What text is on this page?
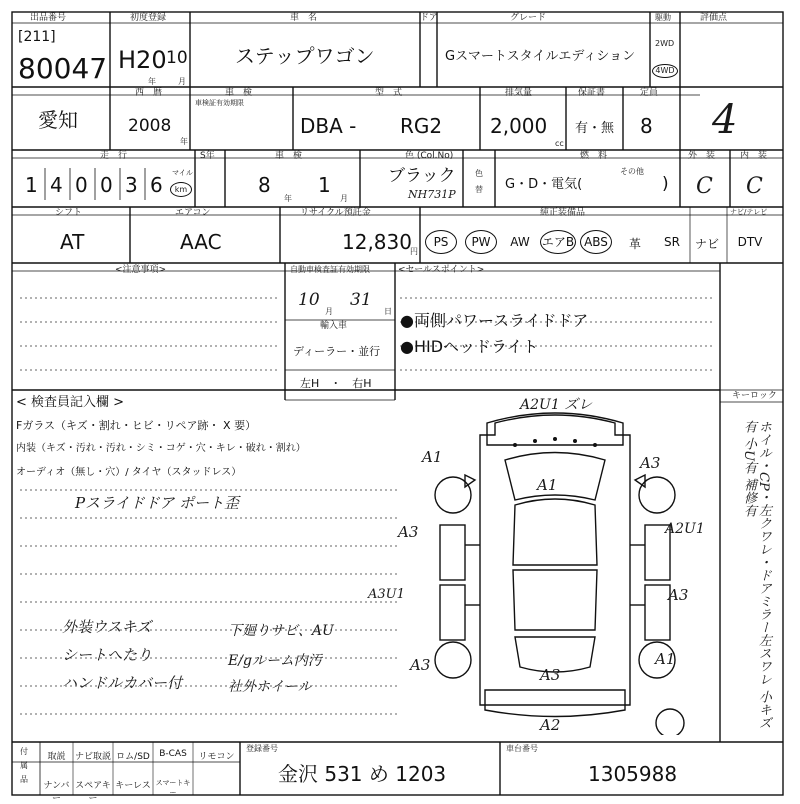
出品番号
[211]
80047
初度登録
H20 10
年	月
車　名
ステップワゴン
ドア	グレード
Gスマートスタイルエディション
駆動
2WD
4WD
評価点
4
愛知
西　暦
2008
年
車　検
車検証有効期限
型　式
DBA - RG2
排気量
2,000
cc
保証書
有・無
定員
8
走　行
1 4 0 0 3 6 マイル
km
S年	車　検
8
年
1
月
色 (Col.No)
ブラック
NH731P
色
替
燃　料
G・D・電気(
その他
)
外　装
C
内　装
C
シフト
AT
エアコン
AAC
リサイクル預託金
12,830
円
純正装備品	ナビ/テレビ
PS	PW	AW	エアB ABS	革	SR	ナビ DTV
<注意事項>	自動車検査証有効期限
10
月
31
日
輸入車
ディーラー・並行
左H　・　右H
<セールスポイント>
●両側パワースライドドア
●HIDヘッドライト
< 検査員記入欄 >
Fガラス（キズ・割れ・ヒビ・リペア跡・ X 要）
内装（キズ・汚れ・汚れ・シミ・コゲ・穴・キレ・破れ・割れ）
オーディオ（無し・穴）/ タイヤ（スタッドレス）
Pスライドドア ポート歪
外装ウスキズ
シートへたり
ハンドルカバー付
下廻りサビ、AU
E/gルーム内汚
社外ホイール
キーロック
ホイル・CP・左クワレ・ドアミラー左スワレ 小キズ有 小U有 補修有
A2U1 ズレ
A1	A3
A1
A3	A2U1
A3U1	A3
A3	A1
A3
A2
付
属
品
取説	ナビ取説 ロム/SD	B-CAS	リモコン
ナンバー
スペアキー
キーレス スマートキー
登録番号
金沢 531 め 1203
車台番号
1305988
